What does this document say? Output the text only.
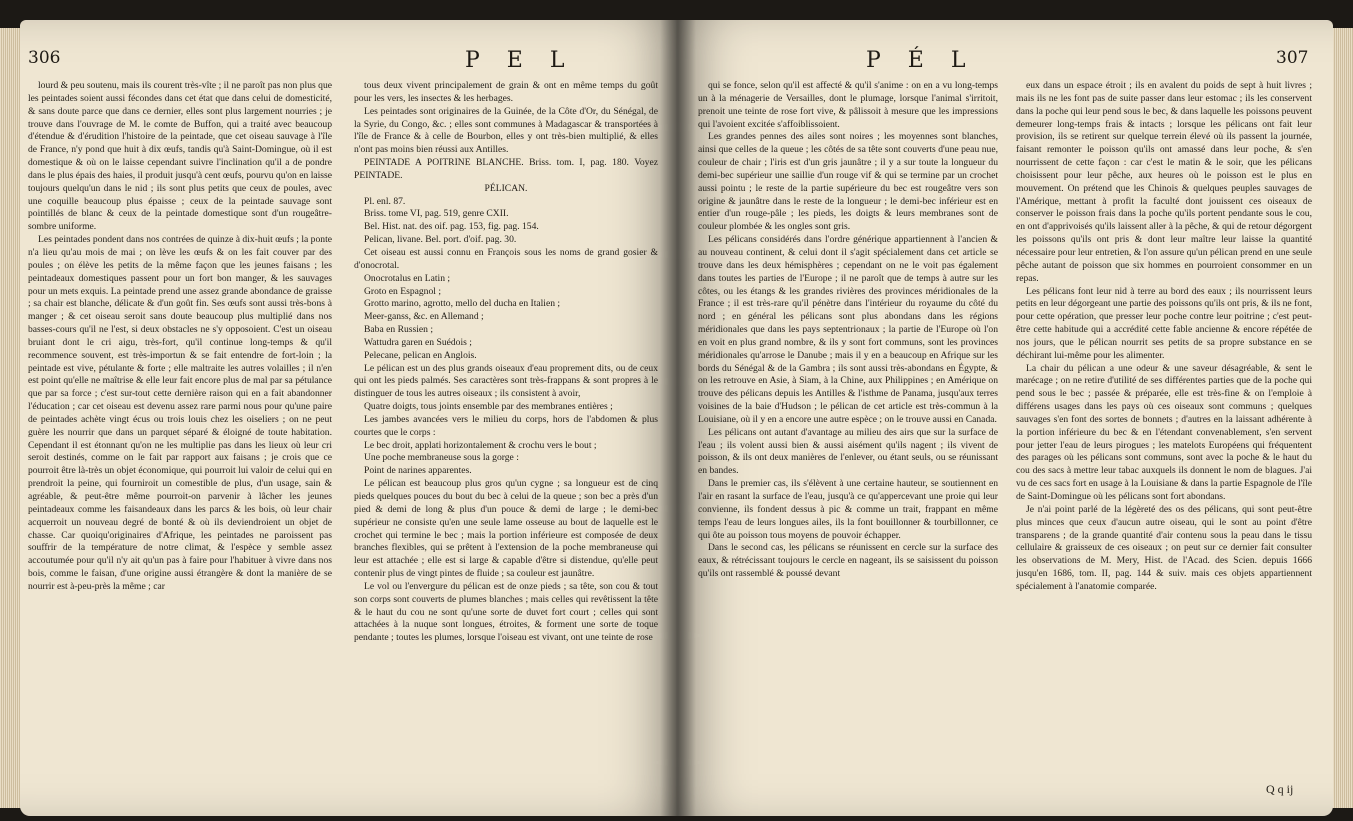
306	P E L

lourd & peu soutenu, mais ils courent très-vîte ; il ne paroît pas non plus que les peintades soient aussi fécondes dans cet état que dans celui de domesticité, & sans doute parce que dans ce dernier, elles sont plus largement nourries ; je trouve dans l'ouvrage de M. le comte de Buffon, qui a traité avec beaucoup d'étendue & d'érudition l'histoire de la peintade, que cet oiseau sauvage à l'île de France, n'y pond que huit à dix œufs, tandis qu'à Saint-Domingue, où il est domestique & où on le laisse cependant suivre l'inclination qu'il a de pondre dans le plus épais des haies, il produit jusqu'à cent œufs, pourvu qu'on en laisse toujours quelqu'un dans le nid ; ils sont plus petits que ceux de poules, avec une coquille beaucoup plus épaisse ; ceux de la peintade sauvage sont pointillés de blanc & ceux de la peintade domestique sont d'un rougeâtre-sombre uniforme.

Les peintades pondent dans nos contrées de quinze à dix-huit œufs ; la ponte n'a lieu qu'au mois de mai ; on lève les œufs & on les fait couver par des poules ; on élève les petits de la même façon que les jeunes faisans ; les peintadeaux domestiques passent pour un fort bon manger, & les sauvages pour un mets exquis. La peintade prend une assez grande abondance de graisse ; sa chair est blanche, délicate & d'un goût fin. Ses œufs sont aussi très-bons à manger ; & cet oiseau seroit sans doute beaucoup plus multiplié dans nos basses-cours qu'il ne l'est, si deux obstacles ne s'y opposoient. C'est un oiseau bruiant dont le cri aigu, très-fort, qu'il continue long-temps & qu'il recommence souvent, est très-importun & se fait entendre de fort-loin ; la peintade est vive, pétulante & forte ; elle maltraite les autres volailles ; il n'en est point qu'elle ne maîtrise & elle leur fait encore plus de mal par sa pétulance que par sa force ; c'est sur-tout cette dernière raison qui en a fait abandonner l'éducation ; car cet oiseau est devenu assez rare parmi nous pour qu'une paire de peintades achète vingt écus ou trois louis chez les oiseliers ; on ne peut guère les nourrir que dans un parquet séparé & éloigné de toute habitation. Cependant il est étonnant qu'on ne les multiplie pas dans les lieux où leur cri seroit destinés, comme on le fait par rapport aux faisans ; je crois que ce pourroit être là-très un objet économique, qui pourroit lui valoir de celui qui en prendroit la peine, qui fourniroit un comestible de plus, d'un usage, sain & agréable, & peut-être même pourroit-on parvenir à lâcher les jeunes peintadeaux comme les faisandeaux dans les parcs & les bois, où leur chair acquerroit un nouveau degré de bonté & où ils deviendroient un objet de chasse. Car quoiqu'originaires d'Afrique, les peintades ne paroissent pas souffrir de la température de notre climat, & l'espèce y semble assez accoutumée pour qu'il n'y ait qu'un pas à faire pour l'habituer à vivre dans nos bois, comme le faisan, d'une origine aussi étrangère & dont la manière de se nourrir est à-peu-près la même ; car

tous deux vivent principalement de grain & ont en même temps du goût pour les vers, les insectes & les herbages.

Les peintades sont originaires de la Guinée, de la Côte d'Or, du Sénégal, de la Syrie, du Congo, &c. ; elles sont communes à Madagascar & transportées à l'île de France & à celle de Bourbon, elles y ont très-bien multiplié, & elles n'ont pas moins bien réussi aux Antilles.

PEINTADE A POITRINE BLANCHE. Briss. tom. I, pag. 180. Voyez PEINTADE.

PÉLICAN.

Pl. enl. 87.

Briss. tome VI, pag. 519, genre CXII.

Bel. Hist. nat. des oif. pag. 153, fig. pag. 154.

Pelican, livane. Bel. port. d'oif. pag. 30.

Cet oiseau est aussi connu en François sous les noms de grand gosier & d'onocrotal.

Onocrotalus en Latin ;

Groto en Espagnol ;

Grotto marino, agrotto, mello del ducha en Italien ;

Meer-ganss, &c. en Allemand ;

Baba en Russien ;

Wattudra garen en Suédois ;

Pelecane, pelican en Anglois.

Le pélican est un des plus grands oiseaux d'eau proprement dits, ou de ceux qui ont les pieds palmés. Ses caractères sont très-frappans & sont propres à le distinguer de tous les autres oiseaux ; ils consistent à avoir,

Quatre doigts, tous joints ensemble par des membranes entières ;

Les jambes avancées vers le milieu du corps, hors de l'abdomen & plus courtes que le corps :

Le bec droit, applati horizontalement & crochu vers le bout ;

Une poche membraneuse sous la gorge :

Point de narines apparentes.

Le pélican est beaucoup plus gros qu'un cygne ; sa longueur est de cinq pieds quelques pouces du bout du bec à celui de la queue ; son bec a près d'un pied & demi de long & plus d'un pouce & demi de large ; le demi-bec supérieur ne consiste qu'en une seule lame osseuse au bout de laquelle est le crochet qui termine le bec ; mais la portion inférieure est composée de deux branches flexibles, qui se prêtent à l'extension de la poche membraneuse qui leur est attachée ; elle est si large & capable d'être si distendue, qu'elle peut contenir plus de vingt pintes de fluide ; sa couleur est jaunâtre.

Le vol ou l'envergure du pélican est de onze pieds ; sa tête, son cou & tout son corps sont couverts de plumes blanches ; mais celles qui revêtissent la tête & le haut du cou ne sont qu'une sorte de duvet fort court ; celles qui sont attachées à la nuque sont longues, étroites, & forment une sorte de toque pendante ; toutes les plumes, lorsque l'oiseau est vivant, ont une teinte de rose

P É L	307

qui se fonce, selon qu'il est affecté & qu'il s'anime : on en a vu long-temps un à la ménagerie de Versailles, dont le plumage, lorsque l'animal s'irritoit, prenoit une teinte de rose fort vive, & pâlissoit à mesure que les impressions qui l'avoient excitée s'affoiblissoient.

Les grandes pennes des ailes sont noires ; les moyennes sont blanches, ainsi que celles de la queue ; les côtés de sa tête sont couverts d'une peau nue, couleur de chair ; l'iris est d'un gris jaunâtre ; il y a sur toute la longueur du demi-bec supérieur une saillie d'un rouge vif & qui se termine par un crochet aussi pointu ; le reste de la partie supérieure du bec est rougeâtre vers son origine & jaunâtre dans le reste de la longueur ; le demi-bec inférieur est en entier d'un rouge-pâle ; les pieds, les doigts & leurs membranes sont de couleur plombée & les ongles sont gris.

Les pélicans considérés dans l'ordre générique appartiennent à l'ancien & au nouveau continent, & celui dont il s'agit spécialement dans cet article se trouve dans les deux hémisphères ; cependant on ne le voit pas également dans toutes les parties de l'Europe ; il ne paroît que de temps à autre sur les côtes, ou les étangs & les grandes rivières des provinces méridionales de la France ; il est très-rare qu'il pénètre dans l'intérieur du royaume du côté du nord ; en général les pélicans sont plus abondans dans les régions méridionales que dans les pays septentrionaux ; la partie de l'Europe où l'on en voit en plus grand nombre, & ils y sont fort communs, sont les provinces méridionales qu'arrose le Danube ; mais il y en a beaucoup en Afrique sur les bords du Sénégal & de la Gambra ; ils sont aussi très-abondans en Égypte, & on les retrouve en Asie, à Siam, à la Chine, aux Philippines ; en Amérique on trouve des pélicans depuis les Antilles & l'isthme de Panama, jusqu'aux terres voisines de la baie d'Hudson ; le pélican de cet article est très-commun à la Louisiane, où il y en a encore une autre espèce ; on le trouve aussi en Canada.

Les pélicans ont autant d'avantage au milieu des airs que sur la surface de l'eau ; ils volent aussi bien & aussi aisément qu'ils nagent ; ils vivent de poisson, & ils ont deux manières de l'enlever, ou étant seuls, ou se réunissant en bandes.

Dans le premier cas, ils s'élèvent à une certaine hauteur, se soutiennent en l'air en rasant la surface de l'eau, jusqu'à ce qu'appercevant une proie qui leur convienne, ils fondent dessus à pic & comme un trait, frappant en même temps l'eau de leurs longues ailes, ils la font bouillonner & tourbillonner, ce qui ôte au poisson tous moyens de pouvoir échapper.

Dans le second cas, les pélicans se réunissent en cercle sur la surface des eaux, & rétrécissant toujours le cercle en nageant, ils se saisissent du poisson qu'ils ont rassemblé & poussé devant

eux dans un espace étroit ; ils en avalent du poids de sept à huit livres ; mais ils ne les font pas de suite passer dans leur estomac ; ils les conservent dans la poche qui leur pend sous le bec, & dans laquelle les poissons peuvent demeurer long-temps frais & intacts ; lorsque les pélicans ont fait leur provision, ils se retirent sur quelque terrein élevé où ils passent la journée, faisant remonter le poisson qu'ils ont amassé dans leur poche, & s'en nourrissent de cette façon : car c'est le matin & le soir, que les pélicans choisissent pour leur pêche, aux heures où le poisson est le plus en mouvement. On prétend que les Chinois & quelques peuples sauvages de l'Amérique, mettant à profit la faculté dont jouissent ces oiseaux de conserver le poisson frais dans la poche qu'ils portent pendante sous le cou, en ont d'apprivoisés qu'ils laissent aller à la pêche, & qui de retour dégorgent les poissons qu'ils ont pris & dont leur maître leur laisse la quantité nécessaire pour leur entretien, & l'on assure qu'un pélican prend en une seule pêche autant de poisson que six hommes en pourroient consommer en un repas.

Les pélicans font leur nid à terre au bord des eaux ; ils nourrissent leurs petits en leur dégorgeant une partie des poissons qu'ils ont pris, & ils ne font, pour cette opération, que presser leur poche contre leur poitrine ; c'est peut-être cette habitude qui a accrédité cette fable ancienne & encore répétée de nos jours, que le pélican nourrit ses petits de sa propre substance en se déchirant lui-même pour les alimenter.

La chair du pélican a une odeur & une saveur désagréable, & sent le marécage ; on ne retire d'utilité de ses différentes parties que de la poche qui pend sous le bec ; passée & préparée, elle est très-fine & on l'emploie à différens usages dans les pays où ces oiseaux sont communs ; quelques sauvages s'en font des sortes de bonnets ; d'autres en la laissant adhérente à la portion inférieure du bec & en l'étendant convenablement, s'en servent pour jetter l'eau de leurs pirogues ; les matelots Européens qui fréquentent des parages où les pélicans sont communs, sont avec la poche & le haut du cou des sacs à mettre leur tabac auxquels ils donnent le nom de blagues. J'ai vu de ces sacs fort en usage à la Louisiane & dans la partie Espagnole de l'île de Saint-Domingue où les pélicans sont fort abondans.

Je n'ai point parlé de la légèreté des os des pélicans, qui sont peut-être plus minces que ceux d'aucun autre oiseau, qui le sont au point d'être transparens ; de la grande quantité d'air contenu sous la peau dans le tissu cellulaire & graisseux de ces oiseaux ; on peut sur ce dernier fait consulter les observations de M. Mery, Hist. de l'Acad. des Scien. depuis 1666 jusqu'en 1686, tom. II, pag. 144 & suiv. mais ces objets appartiennent spécialement à l'anatomie comparée.

Q q ij
